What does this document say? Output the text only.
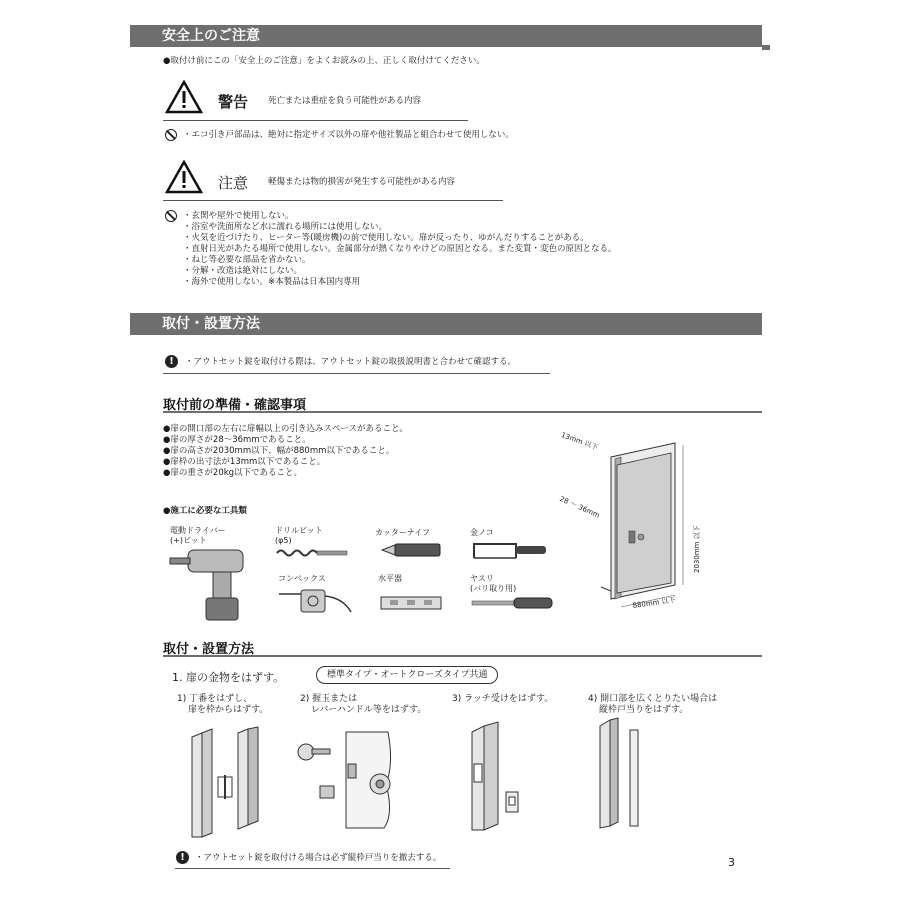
安全上のご注意
●取付け前にこの「安全上のご注意」をよくお読みの上、正しく取付けてください。
警告 死亡または重症を負う可能性がある内容
・エコ引き戸部品は、絶対に指定サイズ以外の扉や他社製品と組合わせて使用しない。
注意 軽傷または物的損害が発生する可能性がある内容

・玄関や屋外で使用しない。

・浴室や洗面所など水に濡れる場所には使用しない。

・火気を近づけたり、ヒーター等(暖房機)の前で使用しない。扉が反ったり、ゆがんだりすることがある。

・直射日光があたる場所で使用しない。金属部分が熱くなりやけどの原因となる。また変質・変色の原因となる。

・ねじ等必要な部品を省かない。

・分解・改造は絶対にしない。

・海外で使用しない。※本製品は日本国内専用

取付・設置方法
!	・アウトセット錠を取付ける際は、アウトセット錠の取扱説明書と合わせて確認する。
取付前の準備・確認事項

●扉の開口部の左右に扉幅以上の引き込みスペースがあること。

●扉の厚さが28～36mmであること。

●扉の高さが2030mm以下、幅が880mm以下であること。

●扉枠の出寸法が13mm以下であること。

●扉の重さが20kg以下であること。

●施工に必要な工具類
電動ドライバー
(+)ビット
ドリルビット
(φ5)
カッターナイフ	金ノコ
コンベックス	水平器	ヤスリ
(バリ取り用)
13mm 以下
28 ～ 36mm
2030mm 以下
880mm 以下
取付・設置方法
1. 扉の金物をはずす。	標準タイプ・オートクローズタイプ共通
1) 丁番をはずし、
扉を枠からはずす。
2) 握玉または
レバーハンドル等をはずす。
3) ラッチ受けをはずす。	4) 開口部を広くとりたい場合は
縦枠戸当りをはずす。
!	・アウトセット錠を取付ける場合は必ず縦枠戸当りを撤去する。	3
